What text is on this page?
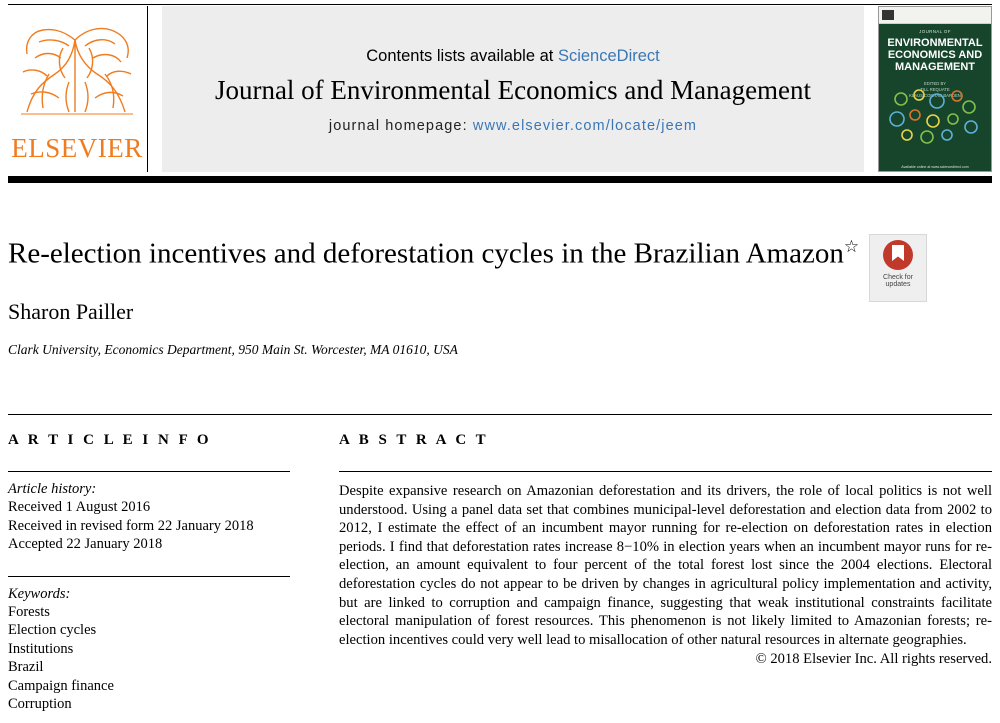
ELSEVIER
Contents lists available at ScienceDirect
Journal of Environmental Economics and Management
journal homepage: www.elsevier.com/locate/jeem
JOURNAL OF
ENVIRONMENTAL
ECONOMICS AND
MANAGEMENT
EDITED BY
TILL REQUATE
KLAUS CONRAD BARDEN
Available online at www.sciencedirect.com
Re-election incentives and deforestation cycles in the Brazilian Amazon☆
Sharon Pailler
Clark University, Economics Department, 950 Main St. Worcester, MA 01610, USA
Check for
updates
A R T I C L E I N F O
Article history:
Received 1 August 2016
Received in revised form 22 January 2018
Accepted 22 January 2018
Keywords:
Forests
Election cycles
Institutions
Brazil
Campaign finance
Corruption
A B S T R A C T
Despite expansive research on Amazonian deforestation and its drivers, the role of local politics is not well understood. Using a panel data set that combines municipal-level deforestation and election data from 2002 to 2012, I estimate the effect of an incumbent mayor running for re-election on deforestation rates in election periods. I find that deforestation rates increase 8−10% in election years when an incumbent mayor runs for re-election, an amount equivalent to four percent of the total forest lost since the 2004 elections. Electoral deforestation cycles do not appear to be driven by changes in agricultural policy implementation and activity, but are linked to corruption and campaign finance, suggesting that weak institutional constraints facilitate electoral manipulation of forest resources. This phenomenon is not likely limited to Amazonian forests; re-election incentives could very well lead to misallocation of other natural resources in alternate geographies.
© 2018 Elsevier Inc. All rights reserved.
